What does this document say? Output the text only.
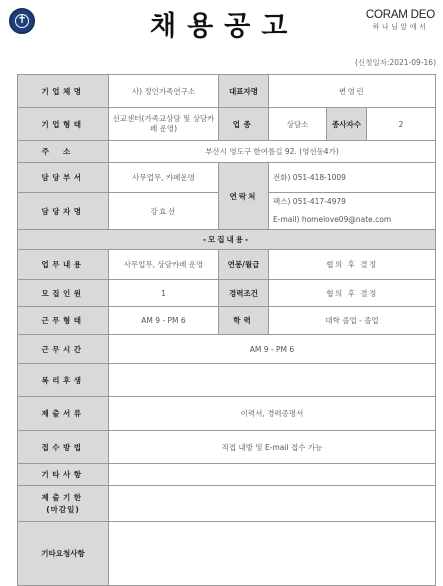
✝
채용공고	CORAM DEO
하나님앞에서
(신청일자:2021-09-16)
기업체명	사) 정인가족연구소	대표자명	변영린		
기업형태	선교센터(가족교상담 및 상담카페 운영)	업종	상담소	종사자수	2
주소	부산시 영도구 한여름길 92. (영선동4가)				
담당부서	사무업무, 카페운영	연락처	전화) 051-418-1009		
담당자명	강효선		팩스) 051-417-4979
E-mail) homelove09@nate.com		

-모집내용-					
업무내용	사무업무, 상담카페 운영	연봉/월급	협의 후 결정		
모집인원	1	경력조건	협의 후 결정		
근무형태	AM 9 - PM 6	학력	대학 졸업 - 졸업		
근무시간	AM 9 - PM 6				
복리후생					
제출서류	이력서, 경력증명서				
접수방법	직접 내방 및 E-mail 접수 가능				
기타사항					

제출기한
(마감일)					

기타요청사항					
